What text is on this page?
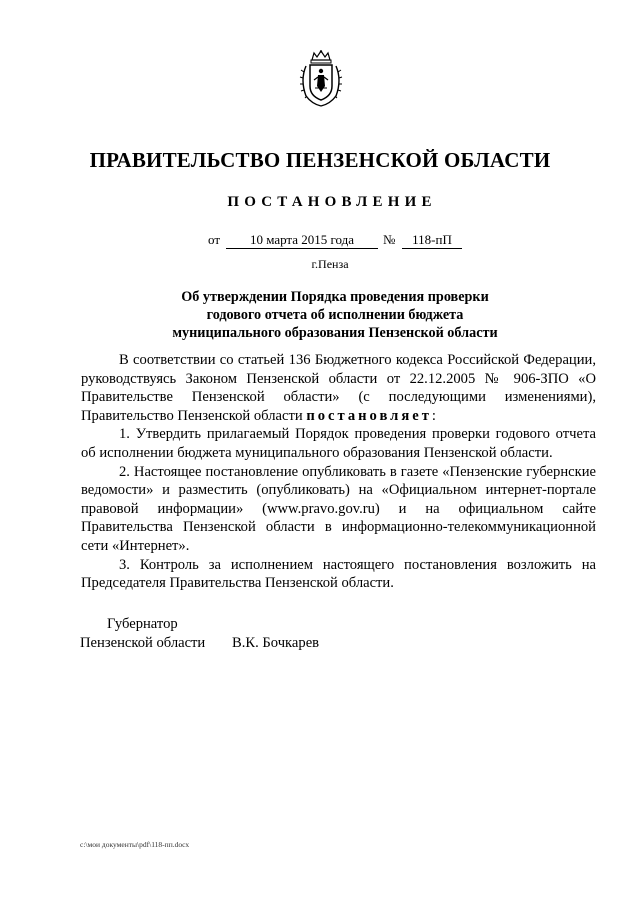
ПРАВИТЕЛЬСТВО ПЕНЗЕНСКОЙ ОБЛАСТИ
ПОСТАНОВЛЕНИЕ
от	10 марта 2015 года	№	118-пП
г.Пенза
Об утверждении Порядка проведения проверки
годового отчета об исполнении бюджета
муниципального образования Пензенской области

В соответствии со статьей 136 Бюджетного кодекса Российской Федерации, руководствуясь Законом Пензенской области от 22.12.2005 № 906-ЗПО «О Правительстве Пензенской области» (с последующими изменениями), Правительство Пензенской области постановляет:

1. Утвердить прилагаемый Порядок проведения проверки годового отчета об исполнении бюджета муниципального образования Пензенской области.

2. Настоящее постановление опубликовать в газете «Пензенские губернские ведомости» и разместить (опубликовать) на «Официальном интернет-портале правовой информации» (www.pravo.gov.ru) и на официальном сайте Правительства Пензенской области в информационно-телекоммуникационной сети «Интернет».

3. Контроль за исполнением настоящего постановления возложить на Председателя Правительства Пензенской области.

Губернатор
Пензенской области В.К. Бочкарев
c:\мои документы\pdf\118-пп.docx
